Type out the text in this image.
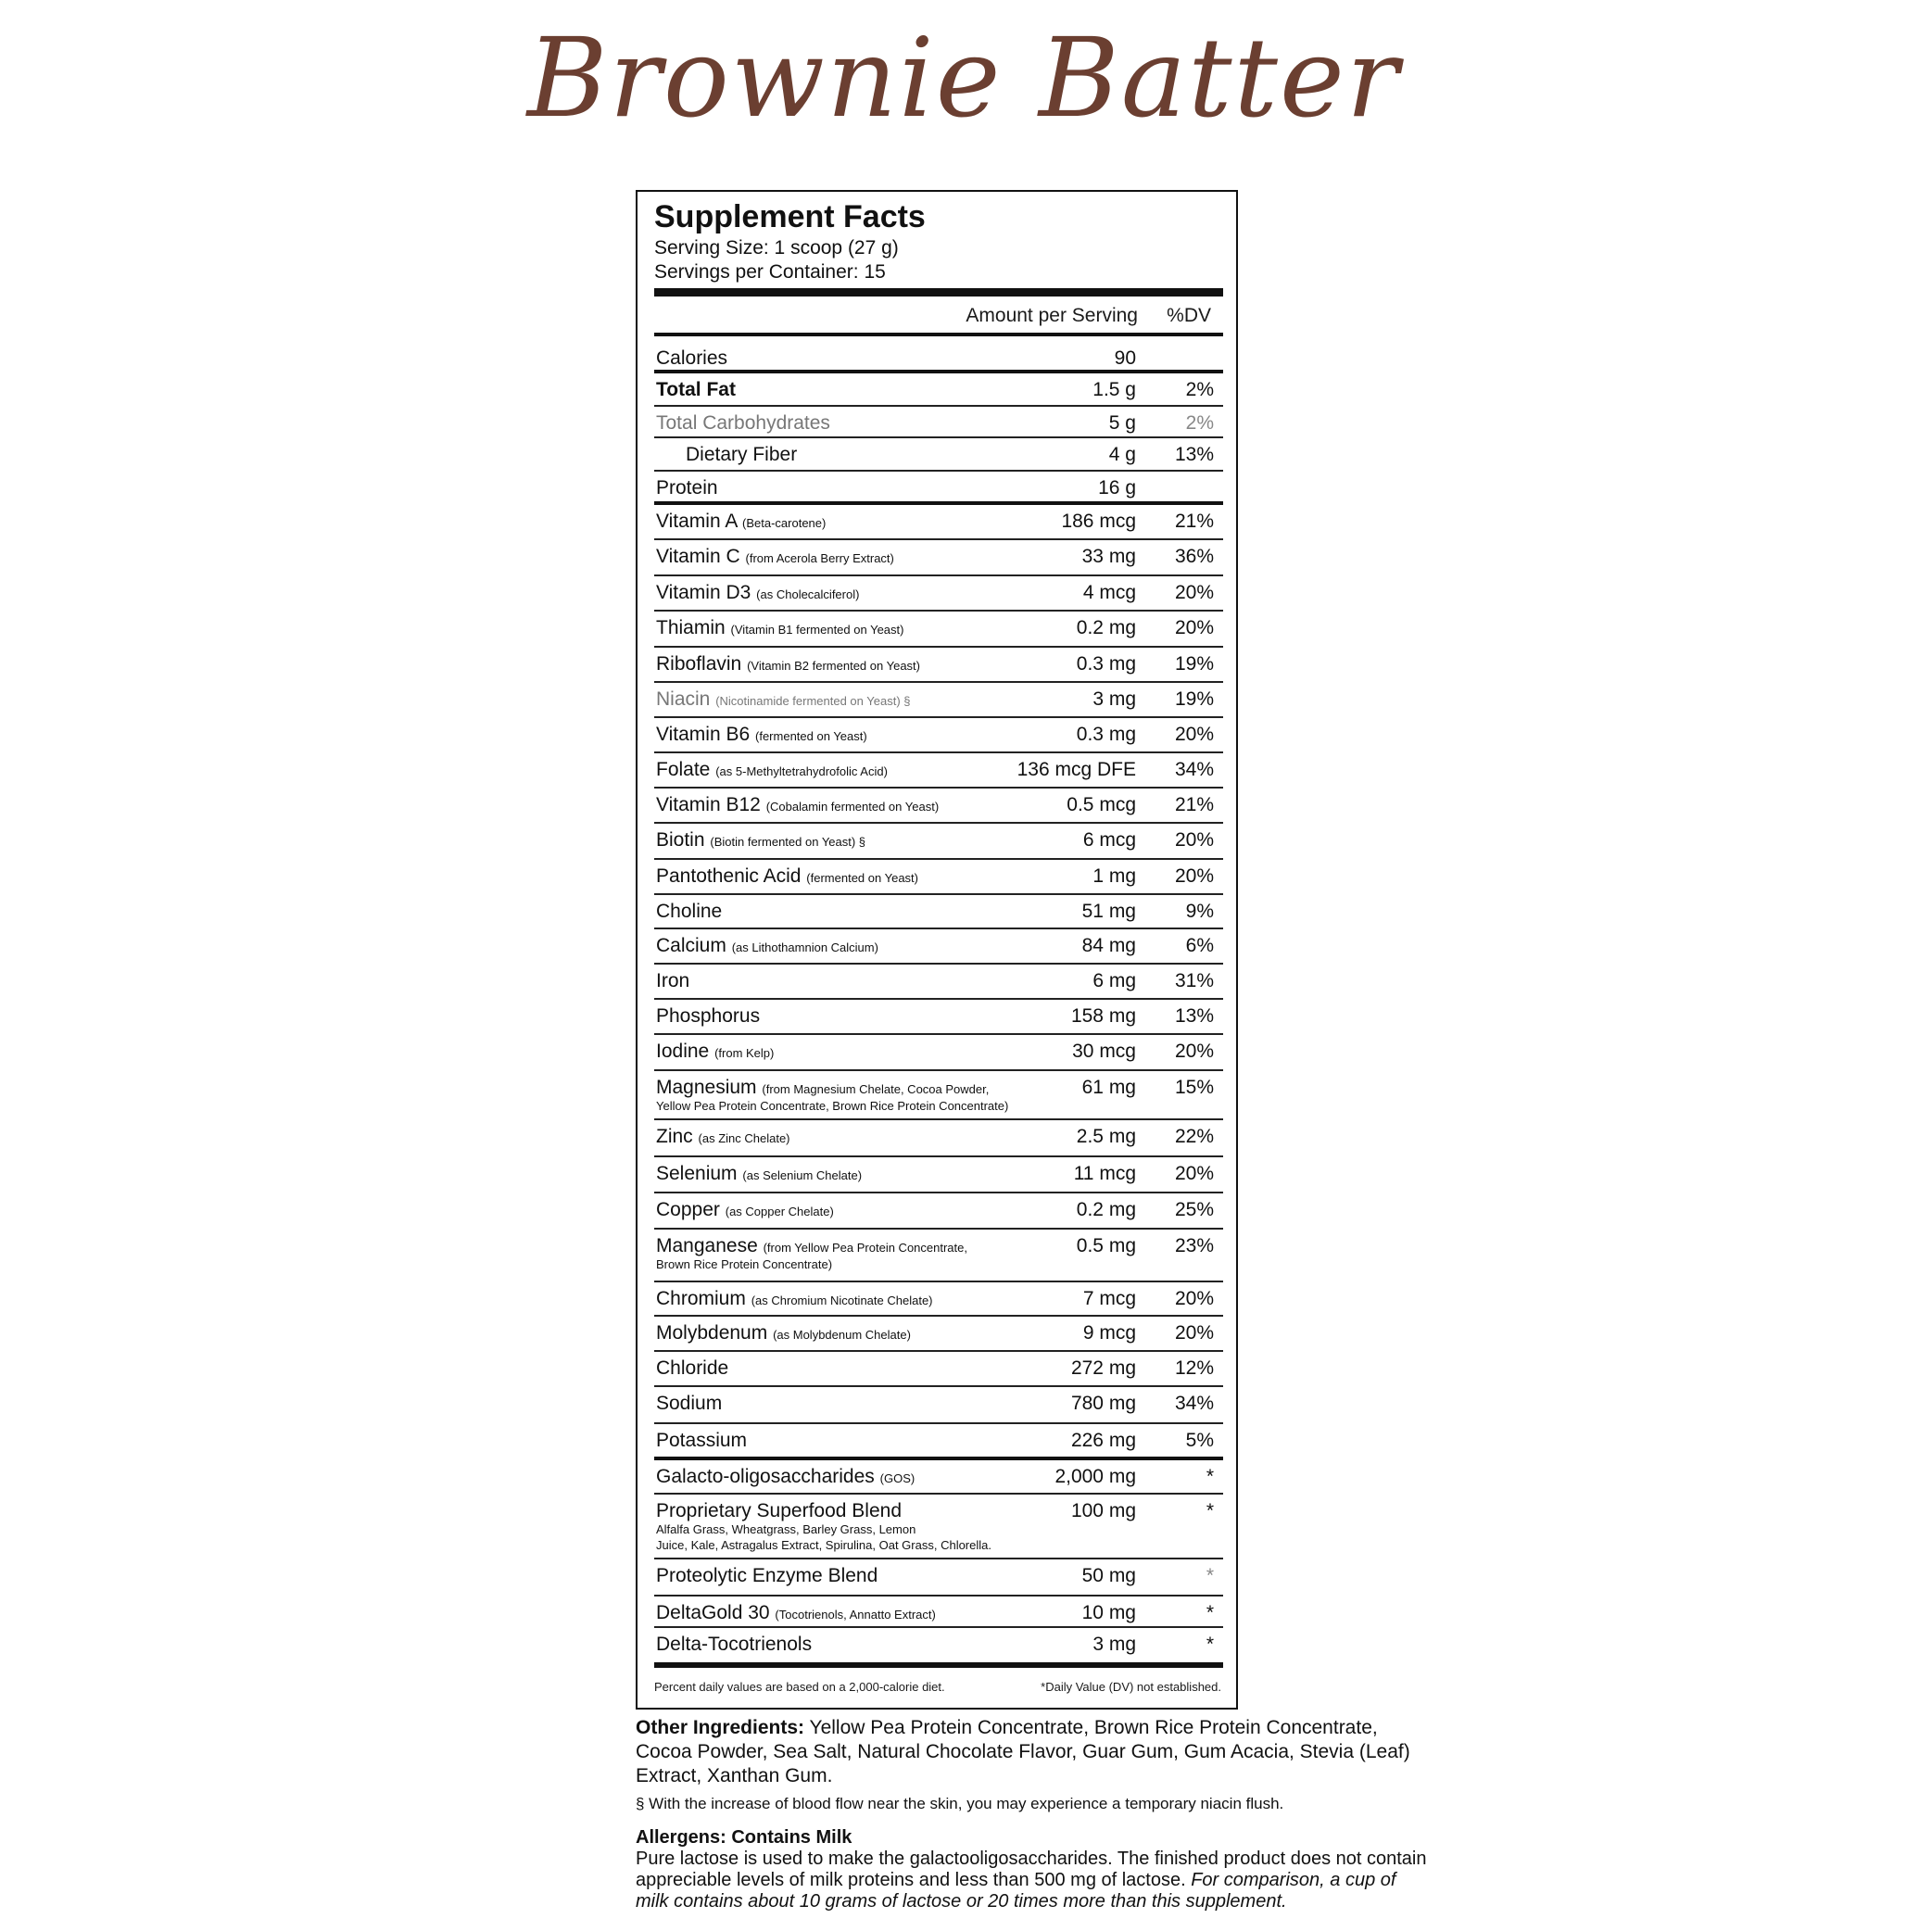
Brownie Batter
Supplement Facts
Serving Size: 1 scoop (27 g)
Servings per Container: 15
Amount per Serving %DV
Calories	90
Total Fat	1.5 g	2%
Total Carbohydrates	5 g	2%
Dietary Fiber	4 g 13%
Protein	16 g
Vitamin A (Beta-carotene)	186 mcg 21%
Vitamin C (from Acerola Berry Extract)	33 mg 36%
Vitamin D3 (as Cholecalciferol)	4 mcg 20%
Thiamin (Vitamin B1 fermented on Yeast)	0.2 mg 20%
Riboflavin (Vitamin B2 fermented on Yeast)	0.3 mg 19%
Niacin (Nicotinamide fermented on Yeast) §	3 mg 19%
Vitamin B6 (fermented on Yeast)	0.3 mg 20%
Folate (as 5-Methyltetrahydrofolic Acid)	136 mcg DFE 34%
Vitamin B12 (Cobalamin fermented on Yeast)	0.5 mcg 21%
Biotin (Biotin fermented on Yeast) §	6 mcg 20%
Pantothenic Acid (fermented on Yeast)	1 mg 20%
Choline	51 mg	9%
Calcium (as Lithothamnion Calcium)	84 mg	6%
Iron	6 mg 31%
Phosphorus	158 mg 13%
Iodine (from Kelp)	30 mcg 20%
Magnesium (from Magnesium Chelate, Cocoa Powder,
Yellow Pea Protein Concentrate, Brown Rice Protein Concentrate)
61 mg 15%
Zinc (as Zinc Chelate)	2.5 mg 22%
Selenium (as Selenium Chelate)	11 mcg 20%
Copper (as Copper Chelate)	0.2 mg 25%
Manganese (from Yellow Pea Protein Concentrate,
Brown Rice Protein Concentrate)
0.5 mg 23%
Chromium (as Chromium Nicotinate Chelate)	7 mcg 20%
Molybdenum (as Molybdenum Chelate)	9 mcg 20%
Chloride	272 mg 12%
Sodium	780 mg 34%
Potassium	226 mg	5%
Galacto-oligosaccharides (GOS)	2,000 mg	*
Proprietary Superfood Blend
Alfalfa Grass, Wheatgrass, Barley Grass, Lemon
Juice, Kale, Astragalus Extract, Spirulina, Oat Grass, Chlorella.
100 mg	*
Proteolytic Enzyme Blend	50 mg	*
DeltaGold 30 (Tocotrienols, Annatto Extract)	10 mg	*
Delta-Tocotrienols	3 mg	*
Percent daily values are based on a 2,000-calorie diet.	*Daily Value (DV) not established.
Other Ingredients: Yellow Pea Protein Concentrate, Brown Rice Protein Concentrate, Cocoa Powder, Sea Salt, Natural Chocolate Flavor, Guar Gum, Gum Acacia, Stevia (Leaf) Extract, Xanthan Gum.
§ With the increase of blood flow near the skin, you may experience a temporary niacin flush.
Allergens: Contains Milk
Pure lactose is used to make the galactooligosaccharides. The finished product does not contain appreciable levels of milk proteins and less than 500 mg of lactose. For comparison, a cup of milk contains about 10 grams of lactose or 20 times more than this supplement.
